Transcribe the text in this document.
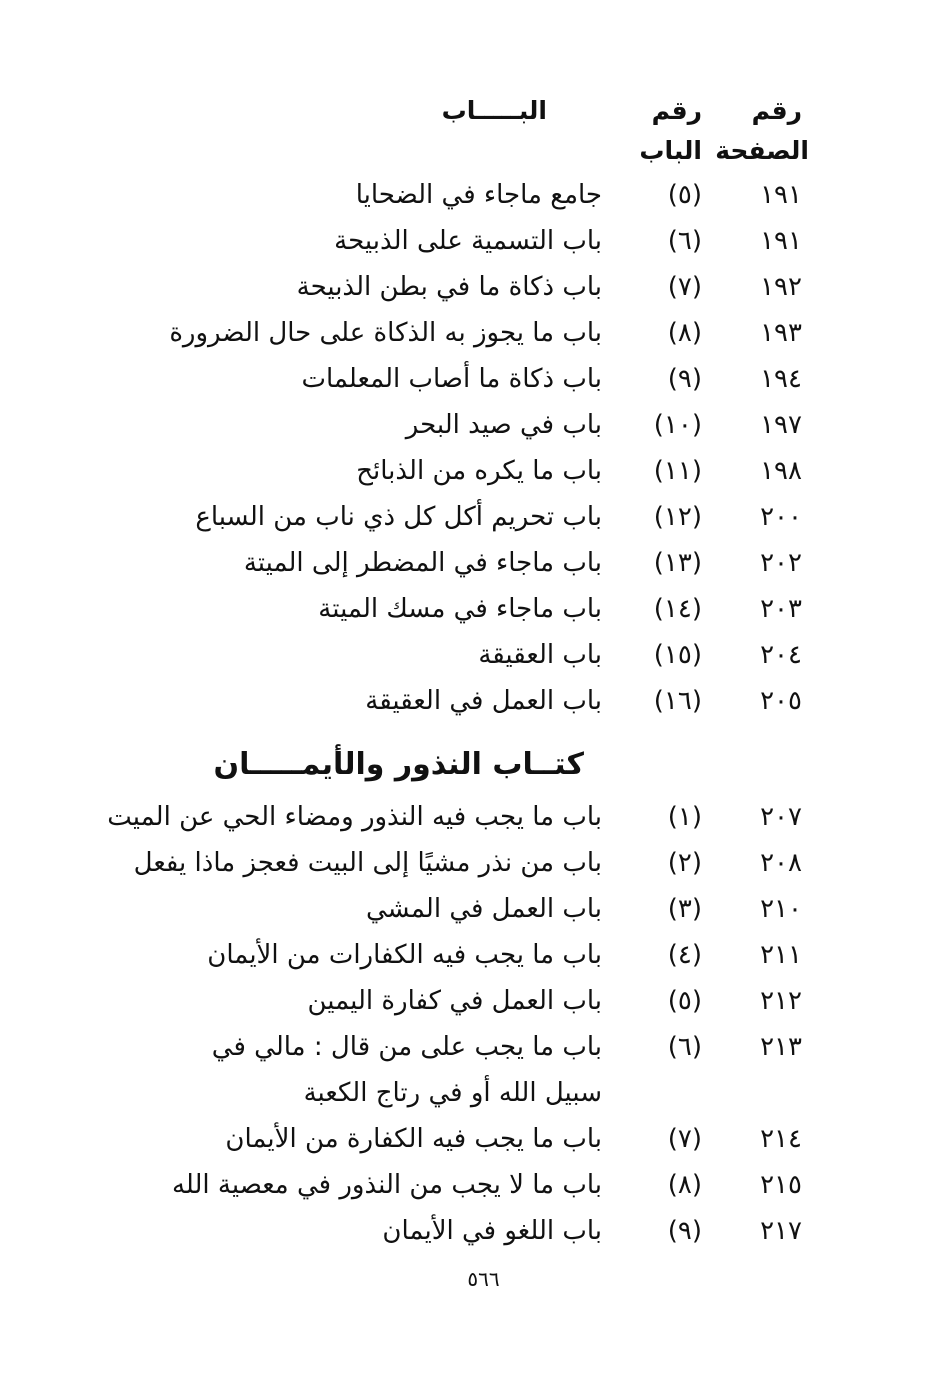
رقم
رقم
البـــــاب
الصفحة
الباب
١٩١
(٥)
جامع ماجاء في الضحايا
١٩١
(٦)
باب التسمية على الذبيحة
١٩٢
(٧)
باب ذكاة ما في بطن الذبيحة
١٩٣
(٨)
باب ما يجوز به الذكاة على حال الضرورة
١٩٤
(٩)
باب ذكاة ما أصاب المعلمات
١٩٧
(١٠)
باب في صيد البحر
١٩٨
(١١)
باب ما يكره من الذبائح
٢٠٠
(١٢)
باب تحريم أكل كل ذي ناب من السباع
٢٠٢
(١٣)
باب ماجاء في المضطر إلى الميتة
٢٠٣
(١٤)
باب ماجاء في مسك الميتة
٢٠٤
(١٥)
باب العقيقة
٢٠٥
(١٦)
باب العمل في العقيقة
كتــاب النذور والأيمـــــان
٢٠٧
(١)
باب ما يجب فيه النذور ومضاء الحي عن الميت
٢٠٨
(٢)
باب من نذر مشيًا إلى البيت فعجز ماذا يفعل
٢١٠
(٣)
باب العمل في المشي
٢١١
(٤)
باب ما يجب فيه الكفارات من الأيمان
٢١٢
(٥)
باب العمل في كفارة اليمين
٢١٣
(٦)
باب ما يجب على من قال : مالي في
سبيل الله أو في رتاج الكعبة
٢١٤
(٧)
باب ما يجب فيه الكفارة من الأيمان
٢١٥
(٨)
باب ما لا يجب من النذور في معصية الله
٢١٧
(٩)
باب اللغو في الأيمان
٥٦٦
